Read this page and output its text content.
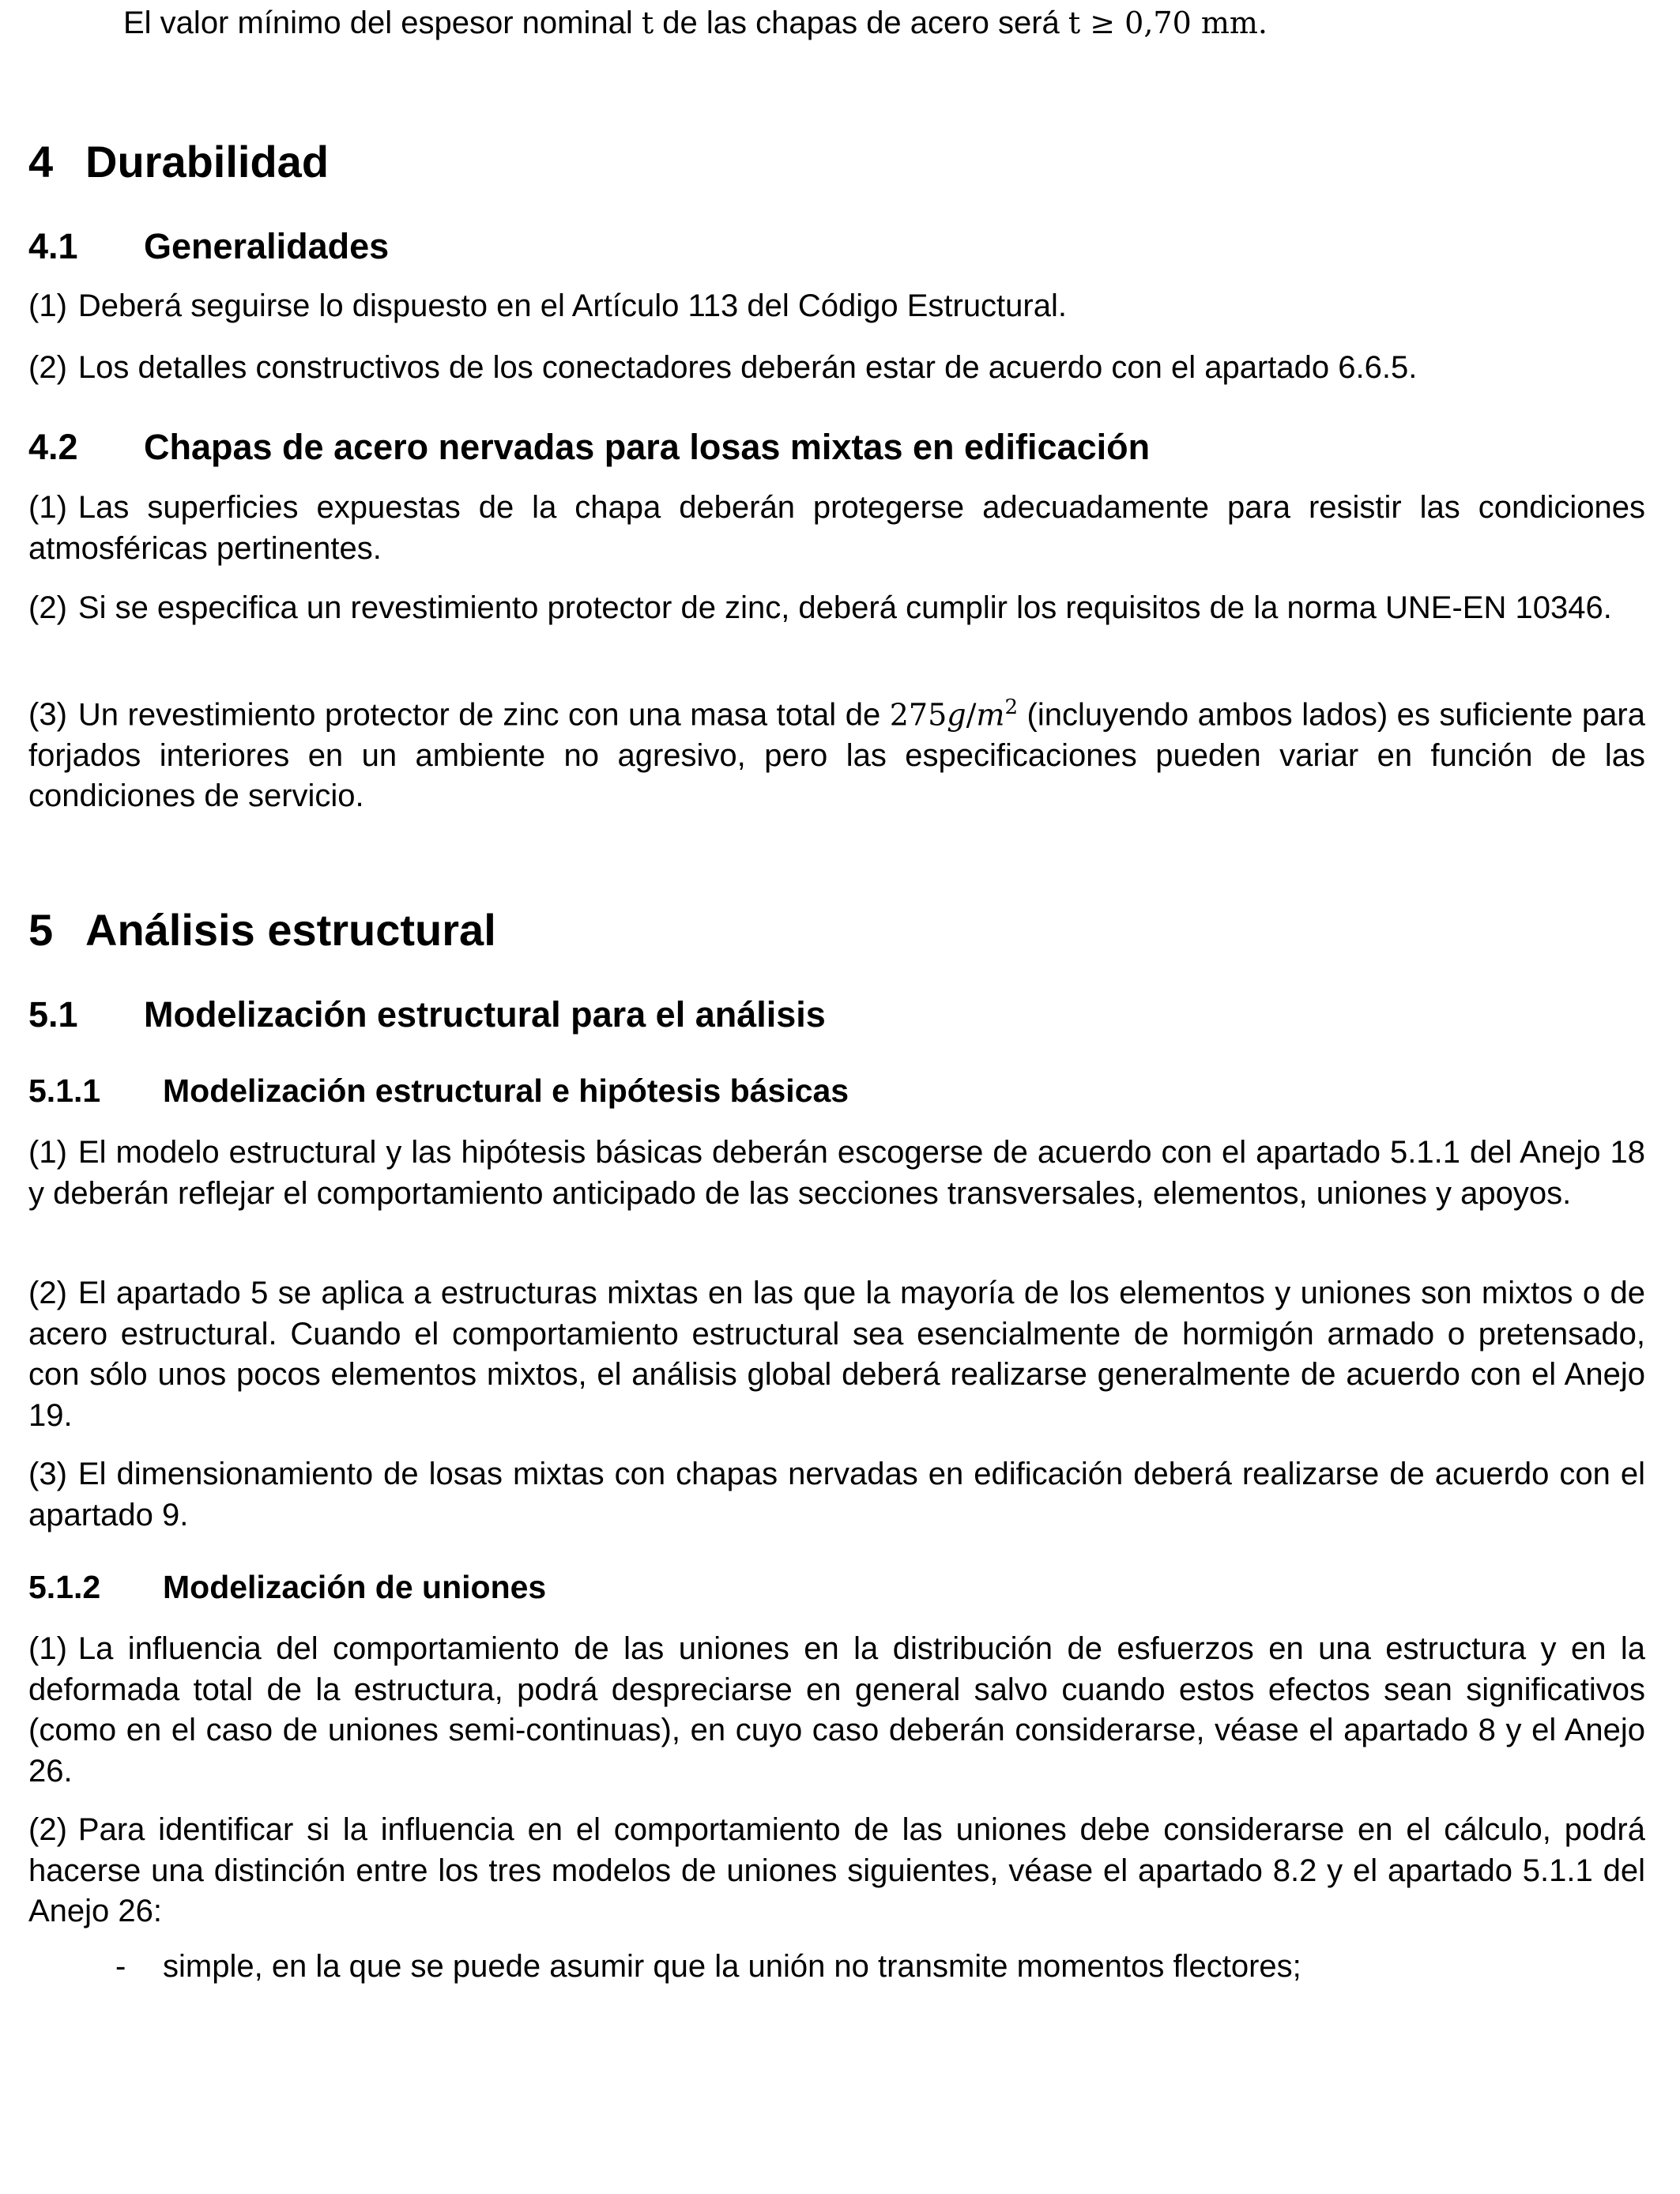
El valor mínimo del espesor nominal t de las chapas de acero será t ≥ 0,70 mm.
4 Durabilidad
4.1 Generalidades
(1) Deberá seguirse lo dispuesto en el Artículo 113 del Código Estructural.
(2) Los detalles constructivos de los conectadores deberán estar de acuerdo con el apartado 6.6.5.
4.2 Chapas de acero nervadas para losas mixtas en edificación
(1) Las superficies expuestas de la chapa deberán protegerse adecuadamente para resistir las condiciones atmosféricas pertinentes.
(2) Si se especifica un revestimiento protector de zinc, deberá cumplir los requisitos de la norma UNE-EN 10346.
(3) Un revestimiento protector de zinc con una masa total de $275g/m^2$ (incluyendo ambos lados) es suficiente para forjados interiores en un ambiente no agresivo, pero las especificaciones pueden variar en función de las condiciones de servicio.
5 Análisis estructural
5.1 Modelización estructural para el análisis
5.1.1 Modelización estructural e hipótesis básicas
(1) El modelo estructural y las hipótesis básicas deberán escogerse de acuerdo con el apartado 5.1.1 del Anejo 18 y deberán reflejar el comportamiento anticipado de las secciones transversales, elementos, uniones y apoyos.
(2) El apartado 5 se aplica a estructuras mixtas en las que la mayoría de los elementos y uniones son mixtos o de acero estructural. Cuando el comportamiento estructural sea esencialmente de hormigón armado o pretensado, con sólo unos pocos elementos mixtos, el análisis global deberá realizarse generalmente de acuerdo con el Anejo 19.
(3) El dimensionamiento de losas mixtas con chapas nervadas en edificación deberá realizarse de acuerdo con el apartado 9.
5.1.2 Modelización de uniones
(1) La influencia del comportamiento de las uniones en la distribución de esfuerzos en una estructura y en la deformada total de la estructura, podrá despreciarse en general salvo cuando estos efectos sean significativos (como en el caso de uniones semi-continuas), en cuyo caso deberán considerarse, véase el apartado 8 y el Anejo 26.
(2) Para identificar si la influencia en el comportamiento de las uniones debe considerarse en el cálculo, podrá hacerse una distinción entre los tres modelos de uniones siguientes, véase el apartado 8.2 y el apartado 5.1.1 del Anejo 26:
- simple, en la que se puede asumir que la unión no transmite momentos flectores;
